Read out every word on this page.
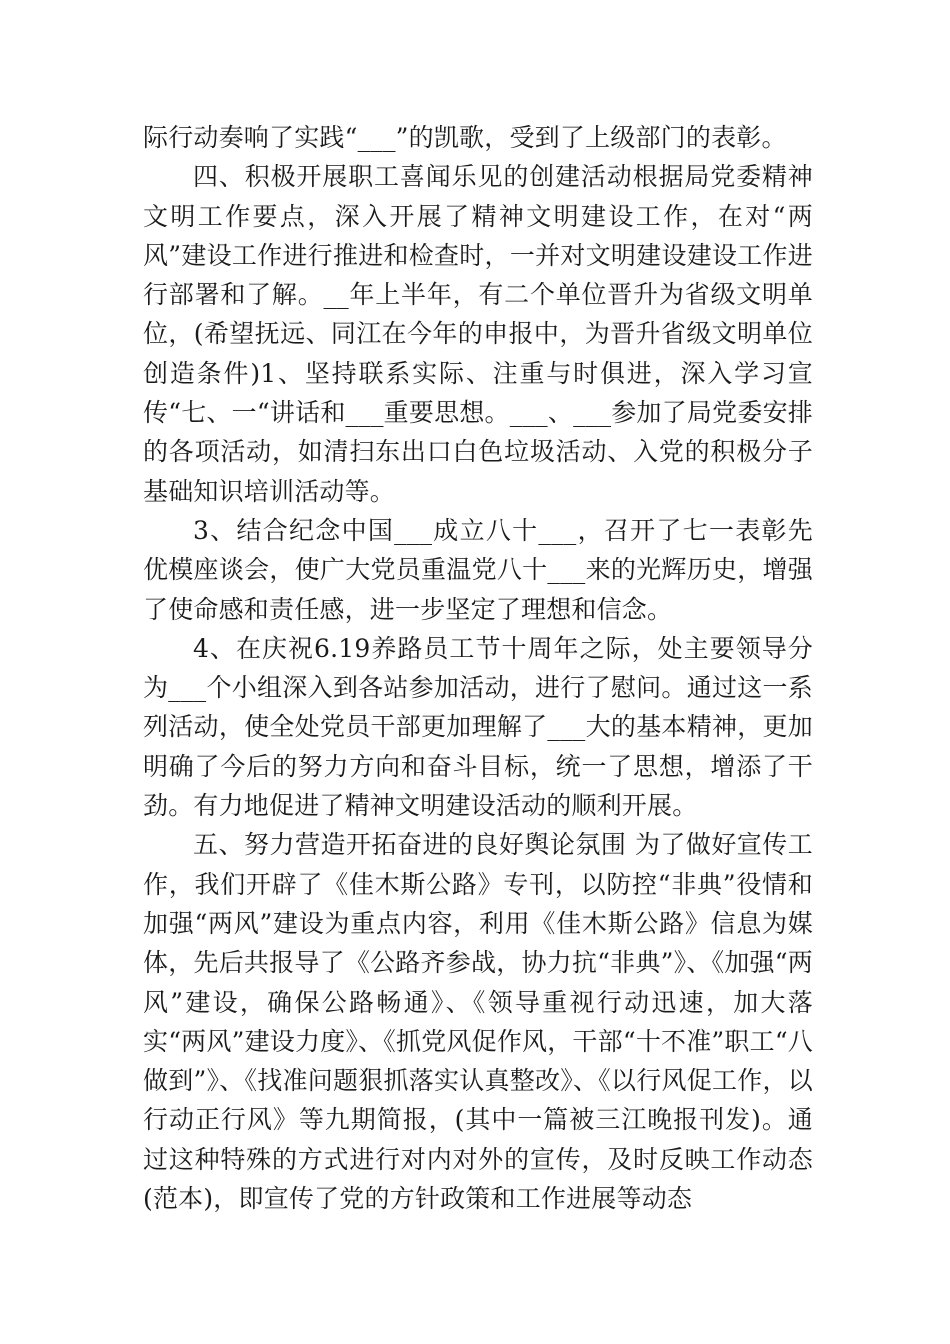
际行动奏响了实践“___”的凯歌，受到了上级部门的表彰。

四、积极开展职工喜闻乐见的创建活动根据局党委精神文明工作要点，深入开展了精神文明建设工作，在对“两风”建设工作进行推进和检查时，一并对文明建设建设工作进行部署和了解。__年上半年，有二个单位晋升为省级文明单位，(希望抚远、同江在今年的申报中，为晋升省级文明单位创造条件)1、坚持联系实际、注重与时俱进，深入学习宣传“七、一“讲话和___重要思想。___、___参加了局党委安排的各项活动，如清扫东出口白色垃圾活动、入党的积极分子基础知识培训活动等。

3、结合纪念中国___成立八十___，召开了七一表彰先优模座谈会，使广大党员重温党八十___来的光辉历史，增强了使命感和责任感，进一步坚定了理想和信念。

4、在庆祝6.19养路员工节十周年之际，处主要领导分为___个小组深入到各站参加活动，进行了慰问。通过这一系列活动，使全处党员干部更加理解了___大的基本精神，更加明确了今后的努力方向和奋斗目标，统一了思想，增添了干劲。有力地促进了精神文明建设活动的顺利开展。

五、努力营造开拓奋进的良好舆论氛围 为了做好宣传工作，我们开辟了《佳木斯公路》专刊，以防控“非典”役情和加强“两风”建设为重点内容，利用《佳木斯公路》信息为媒体，先后共报导了《公路齐参战，协力抗“非典”》、《加强“两风”建设，确保公路畅通》、《领导重视行动迅速，加大落实“两风”建设力度》、《抓党风促作风，干部“十不准”职工“八做到”》、《找准问题狠抓落实认真整改》、《以行风促工作，以行动正行风》等九期简报，(其中一篇被三江晚报刊发)。通过这种特殊的方式进行对内对外的宣传，及时反映工作动态(范本)，即宣传了党的方针政策和工作进展等动态
